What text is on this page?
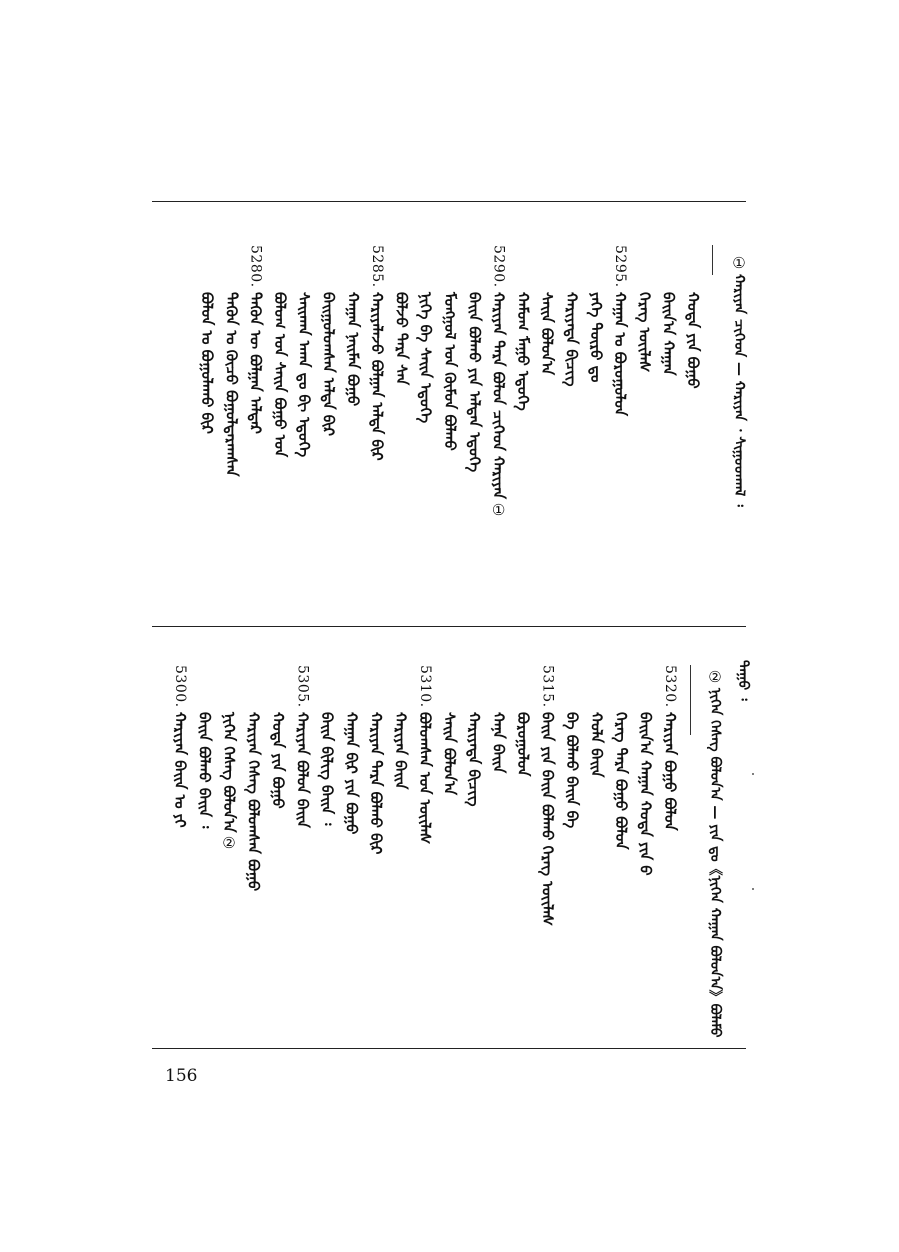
①
ᠬᠠᠷᠢᠶᠠᠨ ᠴᠢᠭᠡᠳ — ᠬᠠᠷᠢᠶᠠᠨ ᠂ ᠰᠢᠭᠤᠳᠬᠠᠯ ᠄
ᠲᠠᠭᠤ ᠄
②
ᠨᠢᠭᠡᠨ ᠬᠡᠰᠡᠭ ᠪᠣᠯᠤᠨ᠎ᠠ — ᠶᠢᠨ ᠳᠤ《ᠨᠢᠭᠡᠨ ᠬᠠᠭᠠᠨ ᠪᠣᠯᠤᠨ᠎ᠠ》ᠪᠣᠯᠠᠮᠤ
ᠬᠣᠲᠠ ᠶᠢᠨ ᠪᠣᠭᠤ
ᠪᠠᠢᠨ᠎ᠠ ᠬᠠᠭᠠᠨ
ᠬᠡᠷᠡᠭ ᠦᠢᠯᠡᠰ
5295.
ᠬᠠᠭᠠᠨ ᠤ ᠪᠣᠷᠣᠭᠤᠯᠤᠨ
ᠶᠡᠬᠡ ᠲᠦᠷᠦ ᠳᠤ
ᠬᠠᠷᠢᠶᠠᠲᠠ ᠪᠢᠴᠢᠭ
ᠰᠠᠢᠨ ᠪᠣᠯᠤᠨ᠎ᠠ
ᠬᠠᠮᠤᠭ ᠮᠠᠭᠤ ᠡᠳᠦᠭᠡ
5290.
ᠬᠠᠷᠢᠶᠠᠨ ᠲᠡᠷᠡ ᠪᠣᠯᠤᠨ ᠴᠢᠭᠡᠳ ᠬᠠᠷᠢᠶᠠᠨ
①
ᠪᠠᠢᠨ ᠪᠣᠯᠬᠤ ᠶᠢᠨ ᠠᠯᠳᠠᠨ ᠡᠳᠦᠭᠡ
ᠮᠣᠩᠭᠣᠯ ᠤᠨ ᠬᠦᠮᠦᠨ ᠪᠣᠯᠬᠤ
ᠨᠢᠭᠡ ᠪᠡ ᠰᠠᠢᠨ ᠡᠳᠦᠭᠡ
ᠪᠣᠯᠵᠣ ᠲᠡᠷᠡ ᠰᠠᠨ
5285.
ᠬᠠᠷᠢᠶᠠᠯᠠᠵᠤ ᠪᠣᠯᠭᠠᠨ ᠠᠯᠳᠠ ᠪᠢᠷ
ᠬᠠᠭᠠᠨ ᠨᠠᠢᠮᠠᠨ ᠪᠣᠭᠤ
ᠪᠠᠢᠭᠤᠯᠤᠭᠰᠠᠨ ᠠᠯᠳᠠ ᠪᠢᠷ
ᠰᠠᠢᠬᠠᠨ ᠠᠬᠠ ᠳᠤ ᠪᠢ ᠡᠳᠦᠭᠡ
ᠪᠤᠯᠤᠭ ᠤᠨ ᠰᠠᠢᠨ ᠪᠣᠭᠤ ᠤᠨ
5280.
ᠲᠡᠭᠦᠨ ᠦ ᠪᠣᠯᠭᠠᠨ ᠠᠯᠳᠠᠷ
ᠲᠡᠭᠦᠨ ᠤ ᠬᠦᠴᠦ ᠪᠣᠭᠤᠯᠳᠠᠷᠠᠭᠰᠠᠨ
ᠪᠣᠯᠤᠨ ᠤ ᠪᠣᠭᠤᠯᠠᠬᠤ ᠪᠢᠷ
5320.
ᠬᠠᠷᠢᠶᠠᠨ ᠪᠣᠭᠤ ᠪᠣᠯᠤᠨ
ᠪᠠᠢᠨ᠎ᠠ ᠬᠠᠭᠠᠨ ᠬᠣᠲᠠ ᠶᠢᠨ ᠪ
ᠬᠡᠷᠡᠭ ᠲᠡᠷᠡ ᠪᠣᠭᠤ ᠪᠣᠯᠤᠨ
ᠬᠣᠯᠠ ᠪᠠᠢᠨ
ᠪᠡ ᠪᠣᠯᠬᠤ ᠪᠠᠢᠨ ᠪᠡ
5315.
ᠪᠠᠢᠨ ᠶᠢᠨ ᠪᠠᠢᠨ ᠪᠣᠯᠬᠤ ᠬᠡᠷᠡᠭ ᠦᠢᠯᠡᠰ
ᠪᠣᠷᠣᠭᠤᠯᠤᠨ
ᠬᠠᠨᠠ ᠪᠠᠢᠨ
ᠬᠠᠷᠢᠶᠠᠲᠠ ᠪᠢᠴᠢᠭ
ᠰᠠᠢᠨ ᠪᠣᠯᠤᠨ᠎ᠠ
5310.
ᠪᠣᠯᠤᠭᠰᠠᠨ ᠤᠨ ᠦᠢᠯᠡᠰ
ᠬᠠᠷᠢᠶᠠᠨ ᠪᠠᠢᠨ
ᠬᠠᠷᠢᠶᠠᠨ ᠲᠡᠷᠡ ᠪᠣᠯᠬᠤ ᠪᠢᠷ
ᠬᠠᠭᠠᠨ ᠪᠢᠷ ᠶᠢᠨ ᠪᠣᠭᠤ
ᠪᠠᠢᠨ ᠪᠢᠯᠢᠭ ᠪᠠᠢᠨ ᠄
5305.
ᠬᠠᠷᠢᠶᠠᠨ ᠪᠣᠯᠤᠨ ᠪᠠᠢᠨ
ᠬᠣᠲᠠ ᠶᠢᠨ ᠪᠣᠭᠤ
ᠬᠠᠷᠢᠶᠠᠨ ᠬᠡᠰᠡᠭ ᠪᠣᠯᠤᠭᠰᠠᠨ ᠪᠣᠭᠤ
ᠨᠢᠭᠡᠨ ᠬᠡᠰᠡᠭ ᠪᠣᠯᠤᠨ᠎ᠠ
②
ᠪᠠᠢᠨ ᠪᠣᠯᠬᠤ ᠪᠠᠢᠨ ᠄
5300.
ᠬᠠᠷᠢᠶᠠᠨ ᠪᠠᠢᠨ ᠤ ᠶᠢ
156
